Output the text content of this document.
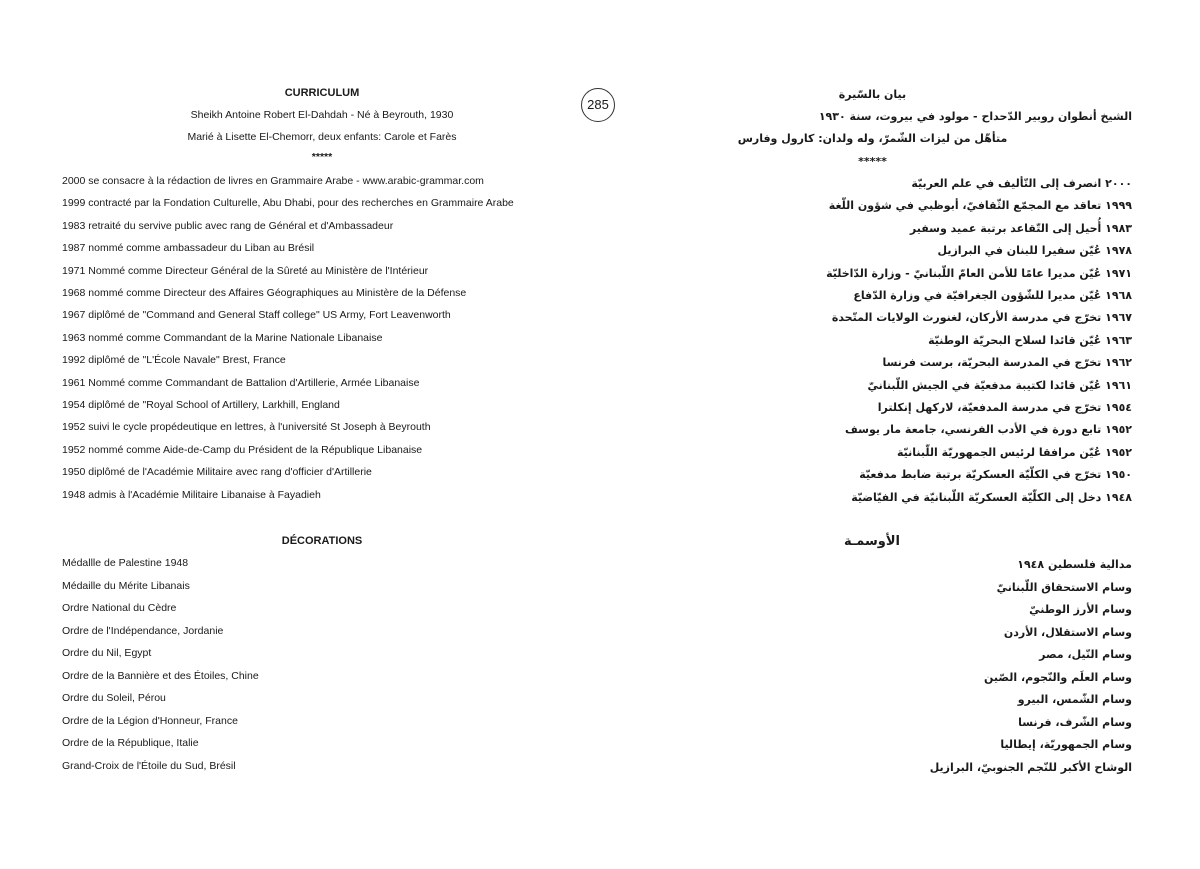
285
CURRICULUM
Sheikh Antoine Robert El-Dahdah - Né à Beyrouth, 1930
Marié à Lisette El-Chemorr, deux enfants: Carole et Farès
*****
2000 se consacre à la rédaction de livres en Grammaire Arabe - www.arabic-grammar.com
1999 contracté par la Fondation Culturelle, Abu Dhabi, pour des recherches en Grammaire Arabe
1983 retraité du servive public avec rang de Général et d'Ambassadeur
1987 nommé comme ambassadeur du Liban au Brésil
1971 Nommé comme Directeur Général de la Sûreté au Ministère de l'Intérieur
1968 nommé comme Directeur des Affaires Géographiques au Ministère de la Défense
1967 diplômé de "Command and General Staff college" US Army, Fort Leavenworth
1963 nommé comme Commandant de la Marine Nationale Libanaise
1992 diplômé de "L'École Navale" Brest, France
1961 Nommé comme Commandant de Battalion d'Artillerie, Armée Libanaise
1954 diplômé de "Royal School of Artillery, Larkhill, England
1952 suivi le cycle propédeutique en lettres, à l'université St Joseph à Beyrouth
1952 nommé comme Aide-de-Camp du Président de la République Libanaise
1950 diplômé de l'Académie Militaire avec rang d'officier d'Artillerie
1948 admis à l'Académie Militaire Libanaise à Fayadieh
DÉCORATIONS
Médallle de Palestine 1948
Médaille du Mérite Libanais
Ordre National du Cèdre
Ordre de l'Indépendance, Jordanie
Ordre du Nil, Egypt
Ordre de la Bannière et des Étoiles, Chine
Ordre du Soleil, Pérou
Ordre de la Légion d'Honneur, France
Ordre de la République, Italie
Grand-Croix de l'Étoile du Sud, Brésil
بيان بالسّيرة
الشيخ أنطوان روبير الدّحداح - مولود في بيروت، سنة ١٩٣٠
متأهّل من ليزات الشّمرّ، وله ولدان: كارول وفارس
*****
٢٠٠٠ انصرف إلى التّأليف في علم العربيّة
١٩٩٩ تعاقد مع المجمّع الثّقافيّ، أبوظبي في شؤون اللّغة
١٩٨٣ أُحيل إلى التّقاعد برتبة عميد وسفير
١٩٧٨ عُيّن سفيرا للبنان في البرازيل
١٩٧١ عُيّن مديرا عامًا للأمن العامّ اللّبنانيّ - وزارة الدّاخليّة
١٩٦٨ عُيّن مديرا للشّؤون الجغرافيّة في وزارة الدّفاع
١٩٦٧ تخرّج في مدرسة الأركان، لغنورث الولايات المتّحدة
١٩٦٣ عُيّن قائدا لسلاح البحريّة الوطنيّة
١٩٦٢ تخرّج في المدرسة البحريّة، برست فرنسا
١٩٦١ عُيّن قائدا لكتيبة مدفعيّة في الجيش اللّبنانيّ
١٩٥٤ تخرّج في مدرسة المدفعيّة، لاركهل إنكلترا
١٩٥٢ تابع دورة في الأدب الفرنسي، جامعة مار يوسف
١٩٥٢ عُيّن مرافقا لرئيس الجمهوريّة اللّبنانيّة
١٩٥٠ تخرّج في الكلّيّة العسكريّة برتبة ضابط مدفعيّة
١٩٤٨ دخل إلى الكلّيّة العسكريّة اللّبنانيّة في الفيّاضيّة
الأوسمـة
مدالية فلسطين ١٩٤٨
وسام الاستحقاق اللّبنانيّ
وسام الأرز الوطنيّ
وسام الاستقلال، الأردن
وسام النّيل، مصر
وسام العلَم والنّجوم، الصّين
وسام الشّمس، البيرو
وسام الشّرف، فرنسا
وسام الجمهوريّة، إيطاليا
الوشاح الأكبر للنّجم الجنوبيّ، البرازيل
